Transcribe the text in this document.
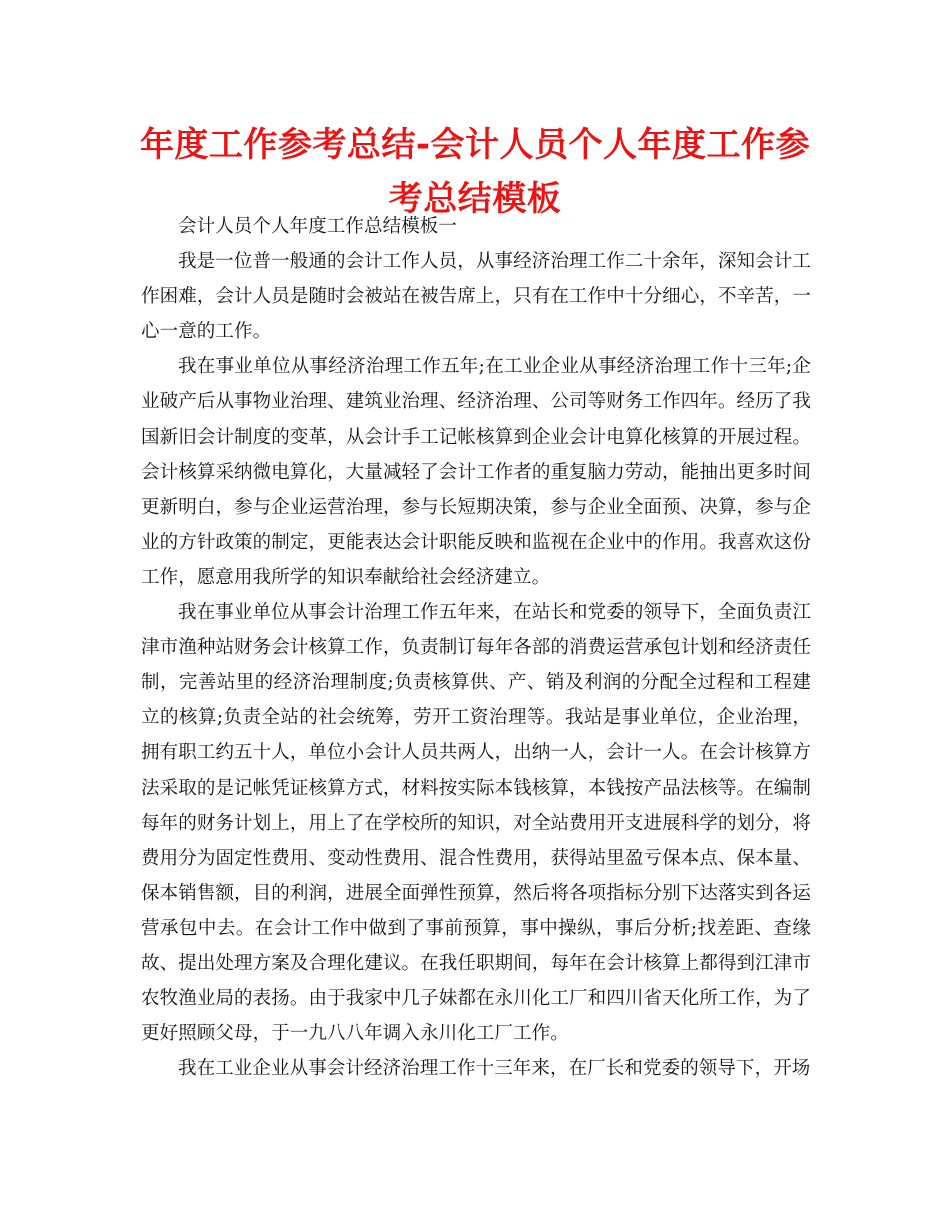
年度工作参考总结-会计人员个人年度工作参考总结模板

会计人员个人年度工作总结模板一

我是一位普一般通的会计工作人员，从事经济治理工作二十余年，深知会计工作困难，会计人员是随时会被站在被告席上，只有在工作中十分细心，不辛苦，一心一意的工作。

我在事业单位从事经济治理工作五年;在工业企业从事经济治理工作十三年;企业破产后从事物业治理、建筑业治理、经济治理、公司等财务工作四年。经历了我国新旧会计制度的变革，从会计手工记帐核算到企业会计电算化核算的开展过程。会计核算采纳微电算化，大量减轻了会计工作者的重复脑力劳动，能抽出更多时间更新明白，参与企业运营治理，参与长短期决策，参与企业全面预、决算，参与企业的方针政策的制定，更能表达会计职能反映和监视在企业中的作用。我喜欢这份工作，愿意用我所学的知识奉献给社会经济建立。

我在事业单位从事会计治理工作五年来，在站长和党委的领导下，全面负责江津市渔种站财务会计核算工作，负责制订每年各部的消费运营承包计划和经济责任制，完善站里的经济治理制度;负责核算供、产、销及利润的分配全过程和工程建立的核算;负责全站的社会统筹，劳开工资治理等。我站是事业单位，企业治理，拥有职工约五十人，单位小会计人员共两人，出纳一人，会计一人。在会计核算方法采取的是记帐凭证核算方式，材料按实际本钱核算，本钱按产品法核等。在编制每年的财务计划上，用上了在学校所的知识，对全站费用开支进展科学的划分，将费用分为固定性费用、变动性费用、混合性费用，获得站里盈亏保本点、保本量、保本销售额，目的利润，进展全面弹性预算，然后将各项指标分别下达落实到各运营承包中去。在会计工作中做到了事前预算，事中操纵，事后分析;找差距、查缘故、提出处理方案及合理化建议。在我任职期间，每年在会计核算上都得到江津市农牧渔业局的表扬。由于我家中几子妹都在永川化工厂和四川省天化所工作，为了更好照顾父母，于一九八八年调入永川化工厂工作。

我在工业企业从事会计经济治理工作十三年来，在厂长和党委的领导下，开场
